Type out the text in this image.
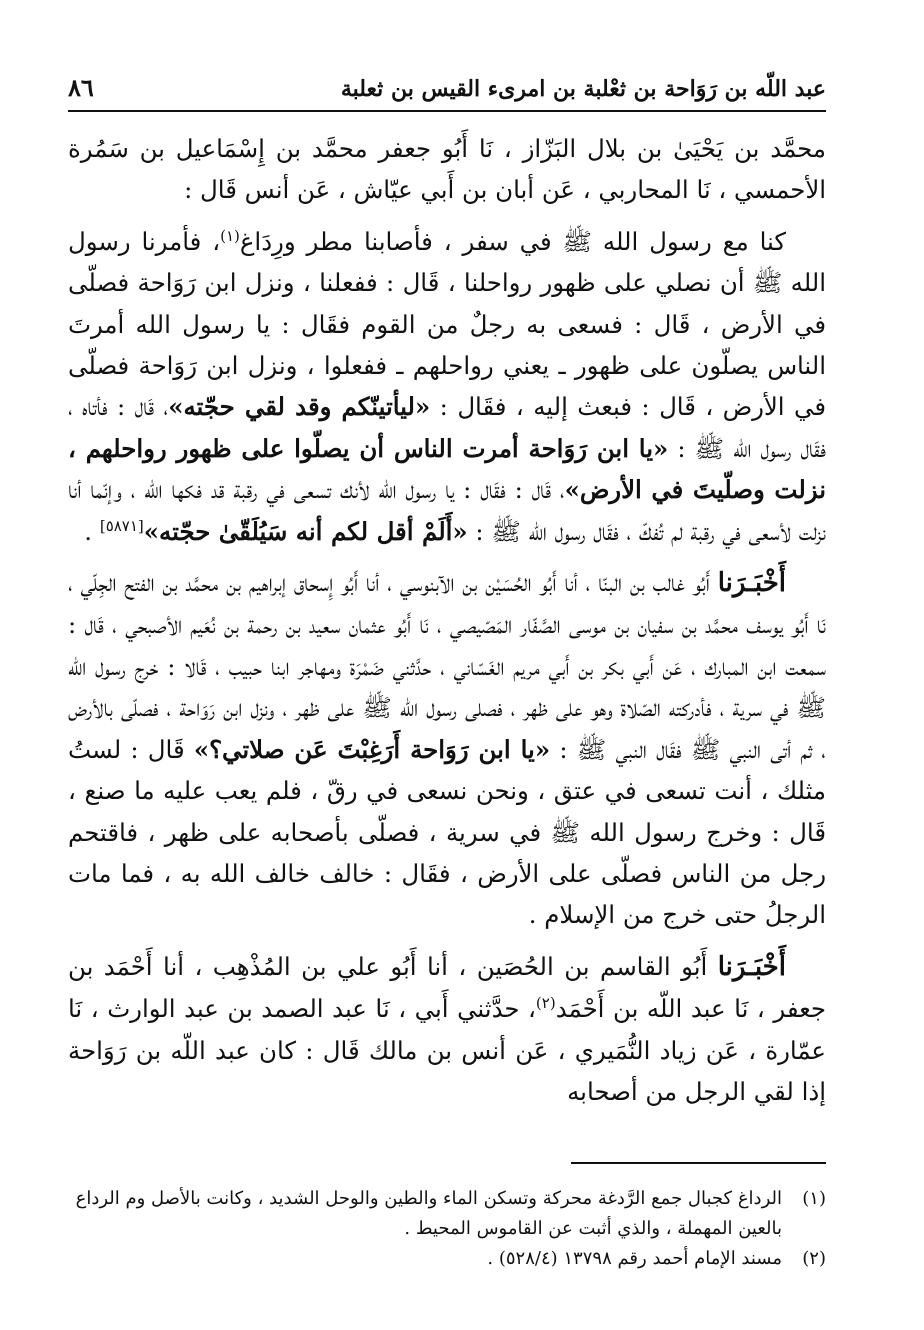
عبد اللّه بن رَوَاحة بن ثعْلبة بن امرىء القيس بن ثعلبة
٨٦

محمَّد بن يَحْيَىٰ بن بلال البَزّاز ، نَا أَبُو جعفر محمَّد بن إِسْمَاعيل بن سَمُرة الأحمسي ، نَا المحاربي ، عَن أبان بن أَبي عيّاش ، عَن أنس قَال :

كنا مع رسول الله ﷺ في سفر ، فأصابنا مطر ورِدَاغ$^{(١)}$، فأمرنا رسول الله ﷺ أن نصلي على ظهور رواحلنا ، قَال : ففعلنا ، ونزل ابن رَوَاحة فصلّى في الأرض ، قَال : فسعى به رجلٌ من القوم فقَال : يا رسول الله أمرتَ الناس يصلّون على ظهور ـ يعني رواحلهم ـ ففعلوا ، ونزل ابن رَوَاحة فصلّى في الأرض ، قَال : فبعث إليه ، فقَال : «ليأتينّكم وقد لقي حجّته»، قَال : فأتاه ، فقَال رسول الله ﷺ : «يا ابن رَوَاحة أمرت الناس أن يصلّوا على ظهور رواحلهم ، نزلت وصلّيتَ في الأرض»، قَال : فقَال : يا رسول الله لأنك تسعى في رقبة قد فكها الله ، وإنّما أنا نزلت لأسعى في رقبة لم تُفكّ ، فقَال رسول الله ﷺ : «أَلَمْ أقل لكم أنه سَيُلَقّىٰ حجّته»[٥٨٧١] .

أَخْبَـرَنا أَبُو غالب بن البنّا ، أنا أَبُو الحُسَيْن بن الآبنوسي ، أنا أَبُو إِسحاق إبراهيم بن محمَّد بن الفتح الجِلّي ، نَا أَبُو يوسف محمَّد بن سفيان بن موسى الصَّفّار المَصّيصي ، نَا أَبُو عثمان سعيد بن رحمة بن نُعَيم الأصبحي ، قَال : سمعت ابن المبارك ، عَن أَبي بكر بن أَبي مريم الغَسّاني ، حدَّثني ضَمْرَة ومهاجر ابنا حبيب ، قَالا : خرج رسول الله ﷺ في سرية ، فأدركته الصّلاة وهو على ظهر ، فصلى رسول الله ﷺ على ظهر ، ونزل ابن رَوَاحة ، فصلّى بالأرض ، ثم أتى النبي ﷺ فقَال النبي ﷺ : «يا ابن رَوَاحة أَرَغِبْتَ عَن صلاتي؟» قَال : لستُ مثلك ، أنت تسعى في عتق ، ونحن نسعى في رقّ ، فلم يعب عليه ما صنع ، قَال : وخرج رسول الله ﷺ في سرية ، فصلّى بأصحابه على ظهر ، فاقتحم رجل من الناس فصلّى على الأرض ، فقَال : خالف خالف الله به ، فما مات الرجلُ حتى خرج من الإسلام .

أَخْبَـرَنا أَبُو القاسم بن الحُصَين ، أنا أَبُو علي بن المُذْهِب ، أنا أَحْمَد بن جعفر ، نَا عبد اللّه بن أَحْمَد$^{(٢)}$، حدَّثني أَبي ، نَا عبد الصمد بن عبد الوارث ، نَا عمّارة ، عَن زياد النُّمَيري ، عَن أنس بن مالك قَال : كان عبد اللّه بن رَوَاحة إذا لقي الرجل من أصحابه

(١)
الرداغ كجبال جمع الرَّدغة محركة وتسكن الماء والطين والوحل الشديد ، وكانت بالأصل وم الرداع بالعين المهملة ، والذي أثبت عن القاموس المحيط .
(٢)
مسند الإمام أحمد رقم ١٣٧٩٨ (٥٢٨/٤) .
